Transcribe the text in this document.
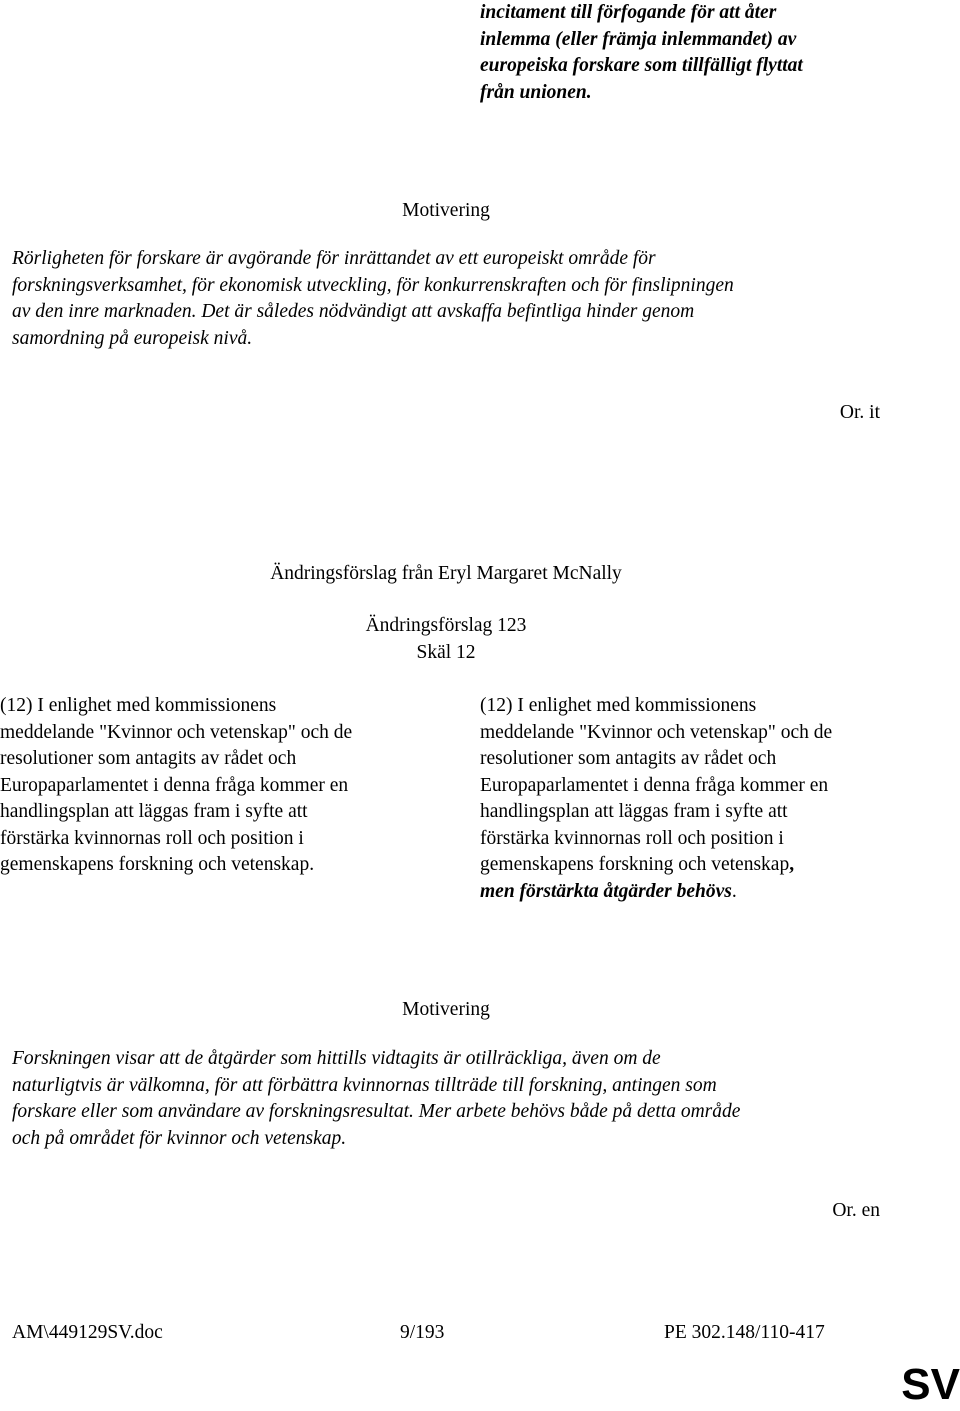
incitament till förfogande för att åter
inlemma (eller främja inlemmandet) av
europeiska forskare som tillfälligt flyttat
från unionen.
Motivering
Rörligheten för forskare är avgörande för inrättandet av ett europeiskt område för
forskningsverksamhet, för ekonomisk utveckling, för konkurrenskraften och för finslipningen
av den inre marknaden. Det är således nödvändigt att avskaffa befintliga hinder genom
samordning på europeisk nivå.
Or. it
Ändringsförslag från Eryl Margaret McNally
Ändringsförslag 123
Skäl 12
(12) I enlighet med kommissionens
meddelande "Kvinnor och vetenskap" och de
resolutioner som antagits av rådet och
Europaparlamentet i denna fråga kommer en
handlingsplan att läggas fram i syfte att
förstärka kvinnornas roll och position i
gemenskapens forskning och vetenskap.
(12) I enlighet med kommissionens
meddelande "Kvinnor och vetenskap" och de
resolutioner som antagits av rådet och
Europaparlamentet i denna fråga kommer en
handlingsplan att läggas fram i syfte att
förstärka kvinnornas roll och position i
gemenskapens forskning och vetenskap,
men förstärkta åtgärder behövs.
Motivering
Forskningen visar att de åtgärder som hittills vidtagits är otillräckliga, även om de
naturligtvis är välkomna, för att förbättra kvinnornas tillträde till forskning, antingen som
forskare eller som användare av forskningsresultat. Mer arbete behövs både på detta område
och på området för kvinnor och vetenskap.
Or. en
AM\449129SV.doc	9/193	PE 302.148/110-417
SV
